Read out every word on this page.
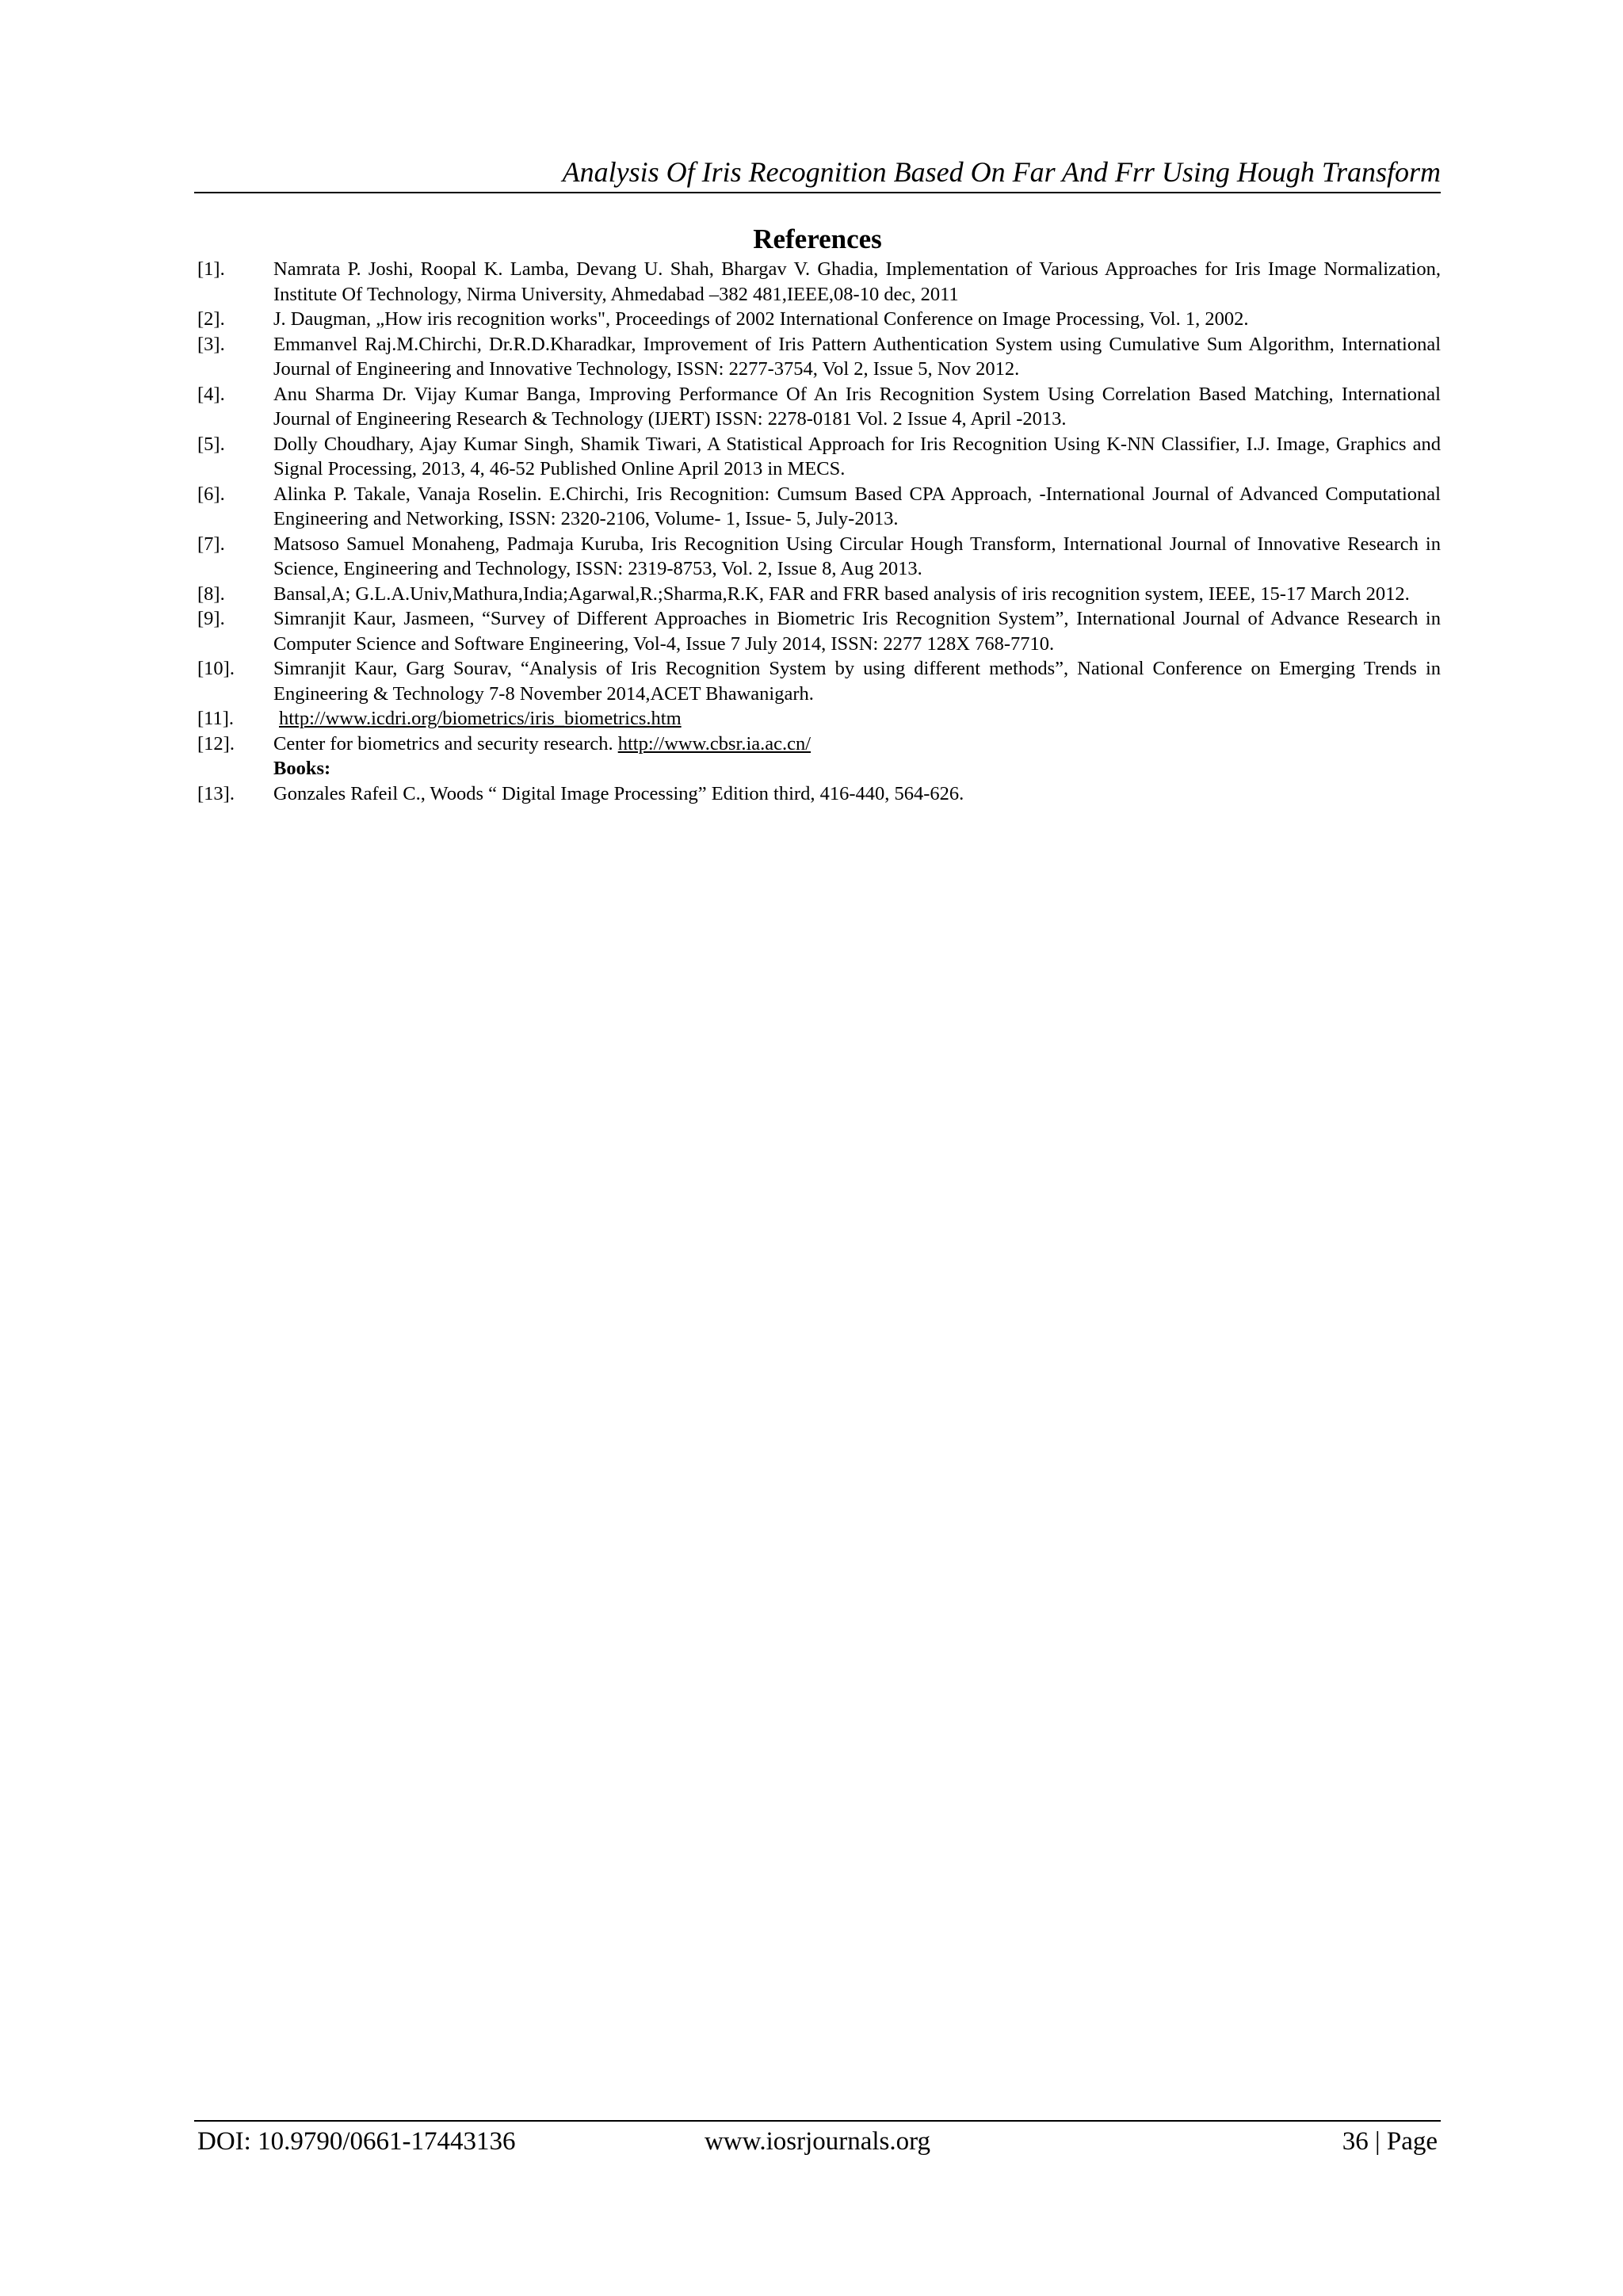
Analysis Of Iris Recognition Based On Far And Frr Using Hough Transform
References
[1].	Namrata P. Joshi, Roopal K. Lamba, Devang U. Shah, Bhargav V. Ghadia, Implementation of Various Approaches for Iris Image Normalization, Institute Of Technology, Nirma University, Ahmedabad –382 481,IEEE,08-10 dec, 2011
[2].	J. Daugman, „How iris recognition works", Proceedings of 2002 International Conference on Image Processing, Vol. 1, 2002.
[3].	Emmanvel Raj.M.Chirchi, Dr.R.D.Kharadkar, Improvement of Iris Pattern Authentication System using Cumulative Sum Algorithm, International Journal of Engineering and Innovative Technology, ISSN: 2277-3754, Vol 2, Issue 5, Nov 2012.
[4].	Anu Sharma Dr. Vijay Kumar Banga, Improving Performance Of An Iris Recognition System Using Correlation Based Matching, International Journal of Engineering Research & Technology (IJERT) ISSN: 2278-0181 Vol. 2 Issue 4, April -2013.
[5].	Dolly Choudhary, Ajay Kumar Singh, Shamik Tiwari, A Statistical Approach for Iris Recognition Using K-NN Classifier, I.J. Image, Graphics and Signal Processing, 2013, 4, 46-52 Published Online April 2013 in MECS.
[6].	Alinka P. Takale, Vanaja Roselin. E.Chirchi, Iris Recognition: Cumsum Based CPA Approach, -International Journal of Advanced Computational Engineering and Networking, ISSN: 2320-2106, Volume- 1, Issue- 5, July-2013.
[7].	Matsoso Samuel Monaheng, Padmaja Kuruba, Iris Recognition Using Circular Hough Transform, International Journal of Innovative Research in Science, Engineering and Technology, ISSN: 2319-8753, Vol. 2, Issue 8, Aug 2013.
[8].	Bansal,A; G.L.A.Univ,Mathura,India;Agarwal,R.;Sharma,R.K, FAR and FRR based analysis of iris recognition system, IEEE, 15-17 March 2012.
[9].	Simranjit Kaur, Jasmeen, “Survey of Different Approaches in Biometric Iris Recognition System”, International Journal of Advance Research in Computer Science and Software Engineering, Vol-4, Issue 7 July 2014, ISSN: 2277 128X 768-7710.
[10].	Simranjit Kaur, Garg Sourav, “Analysis of Iris Recognition System by using different methods”, National Conference on Emerging Trends in Engineering & Technology 7-8 November 2014,ACET Bhawanigarh.
[11].	http://www.icdri.org/biometrics/iris_biometrics.htm
[12].	Center for biometrics and security research. http://www.cbsr.ia.ac.cn/
Books:
[13].	Gonzales Rafeil C., Woods “ Digital Image Processing” Edition third, 416-440, 564-626.
DOI: 10.9790/0661-17443136	www.iosrjournals.org	36 | Page
